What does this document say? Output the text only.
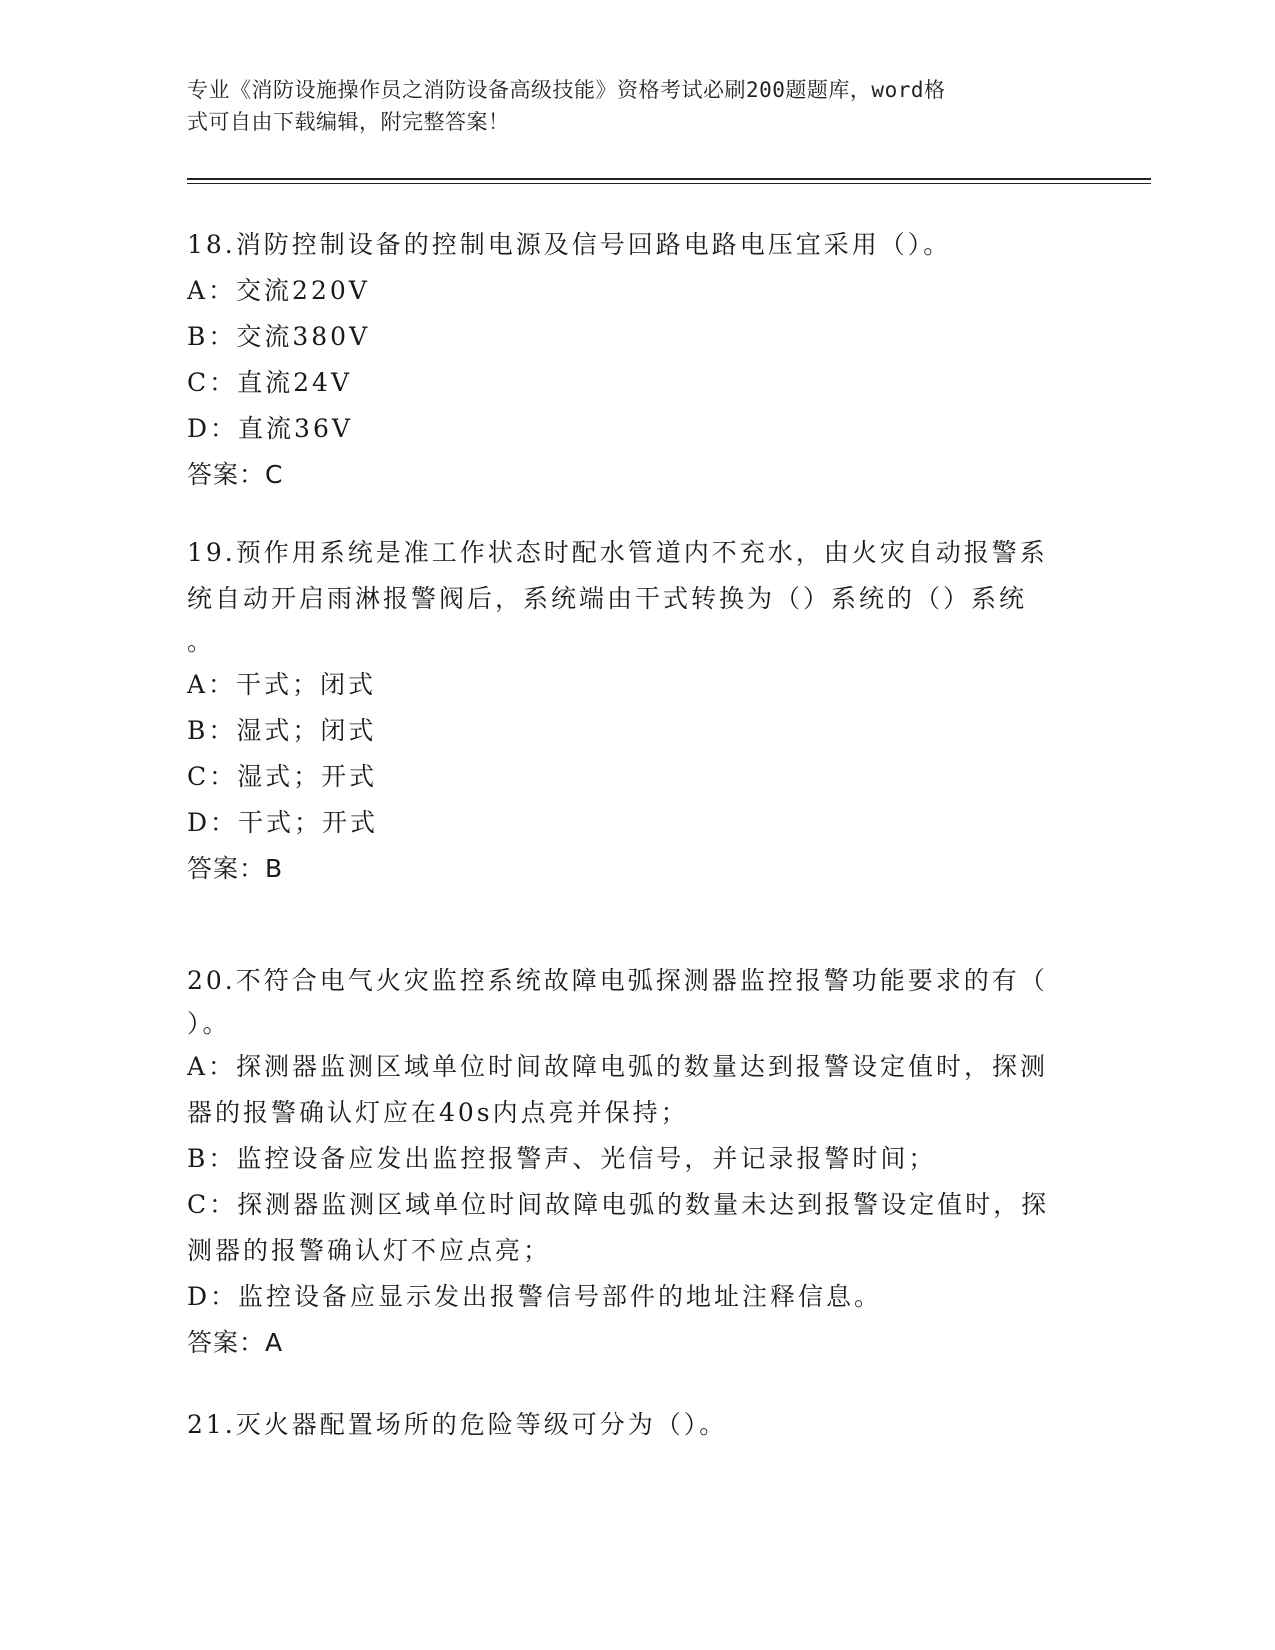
专业《消防设施操作员之消防设备高级技能》资格考试必刷200题题库，word格
式可自由下载编辑，附完整答案！

18.消防控制设备的控制电源及信号回路电路电压宜采用（）。

A：交流220V

B：交流380V

C：直流24V

D：直流36V

答案：C

19.预作用系统是准工作状态时配水管道内不充水，由火灾自动报警系

统自动开启雨淋报警阀后，系统端由干式转换为（）系统的（）系统

。

A：干式；闭式

B：湿式；闭式

C：湿式；开式

D：干式；开式

答案：B

20.不符合电气火灾监控系统故障电弧探测器监控报警功能要求的有（

）。

A：探测器监测区域单位时间故障电弧的数量达到报警设定值时，探测

器的报警确认灯应在40s内点亮并保持；

B：监控设备应发出监控报警声、光信号，并记录报警时间；

C：探测器监测区域单位时间故障电弧的数量未达到报警设定值时，探

测器的报警确认灯不应点亮；

D：监控设备应显示发出报警信号部件的地址注释信息。

答案：A

21.灭火器配置场所的危险等级可分为（）。
